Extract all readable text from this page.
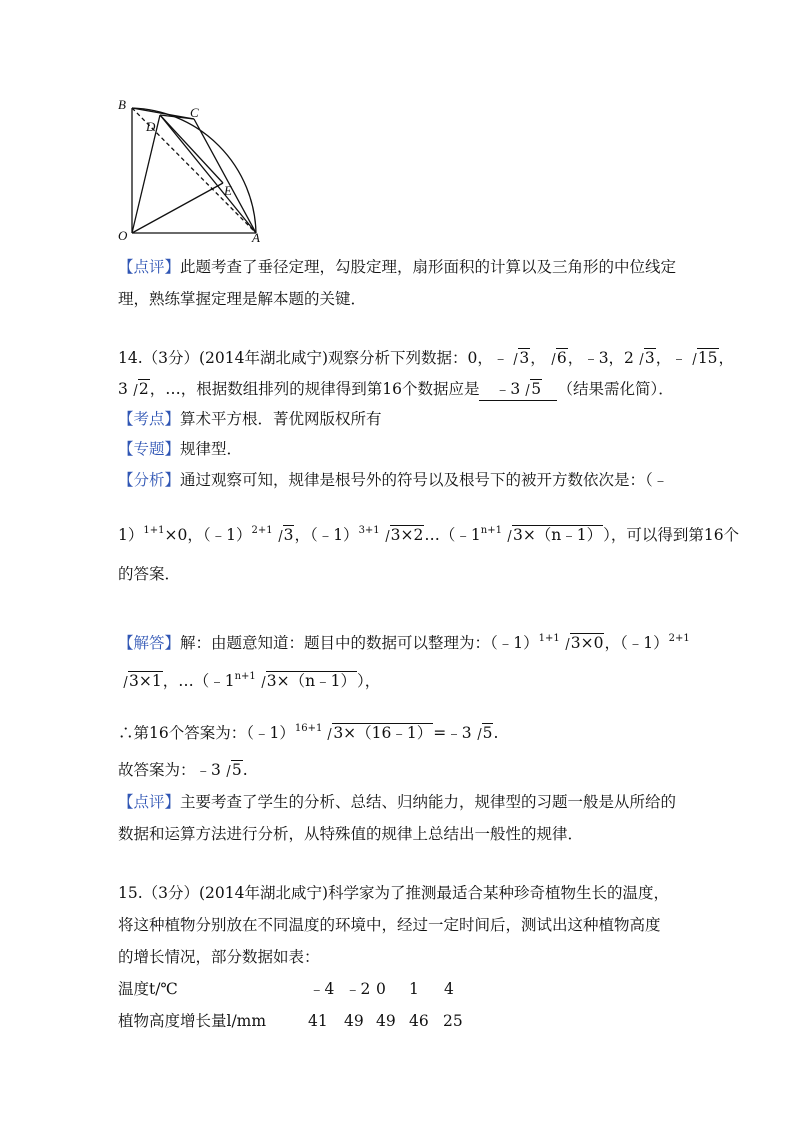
B
D
C
E
O	A
【点评】此题考查了垂径定理，勾股定理，扇形面积的计算以及三角形的中位线定
理，熟练掌握定理是解本题的关键．
14.（3分）(2014年湖北咸宁)观察分析下列数据：0，﹣ 3， 6，﹣3，2 3，﹣ 15，
3 2，…，根据数组排列的规律得到第16个数据应是 ﹣3 5 （结果需化简）．
【考点】算术平方根．菁优网版权所有
【专题】规律型．
【分析】通过观察可知，规律是根号外的符号以及根号下的被开方数依次是：（﹣
1）$^{1+1}$×0，（﹣1）$^{2+1}$ 3，（﹣1）$^{3+1}$ $3\times 2\dots(﹣1^{n+1}$ 3×（n﹣1）），可以得到第16个
的答案．
【解答】解：由题意知道：题目中的数据可以整理为：（﹣1）$^{1+1}$ 3×0，（﹣1）$^{2+1}$
3×1，$\dots(﹣1^{n+1}$ 3×（n﹣1）），
∴第16个答案为：（﹣1）$^{16+1}$ 3×（16﹣1）=﹣3 5.
故答案为：﹣3 5.
【点评】主要考查了学生的分析、总结、归纳能力，规律型的习题一般是从所给的
数据和运算方法进行分析，从特殊值的规律上总结出一般性的规律．
15.（3分）(2014年湖北咸宁)科学家为了推测最适合某种珍奇植物生长的温度，
将这种植物分别放在不同温度的环境中，经过一定时间后，测试出这种植物高度
的增长情况，部分数据如表：
温度t/℃	﹣4 ﹣2 0 1 4
植物高度增长量l/mm	41 49 49 46 25
